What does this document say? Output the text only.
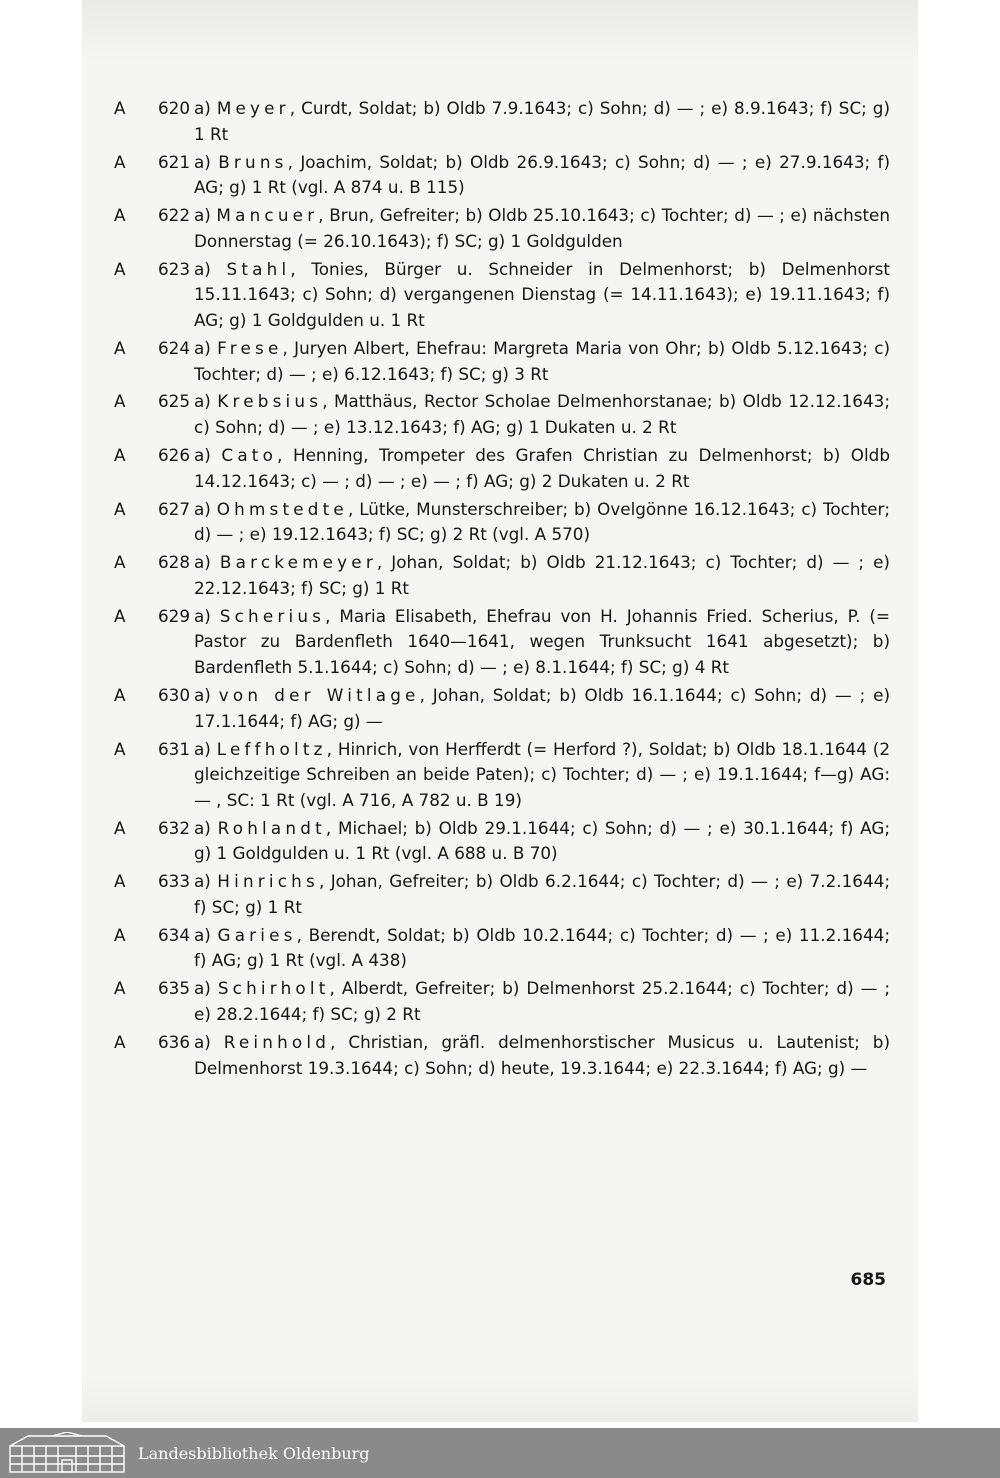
A 620 a) Meyer, Curdt, Soldat; b) Oldb 7.9.1643; c) Sohn; d) — ; e) 8.9.1643; f) SC; g) 1 Rt
A 621 a) Bruns, Joachim, Soldat; b) Oldb 26.9.1643; c) Sohn; d) — ; e) 27.9.1643; f) AG; g) 1 Rt (vgl. A 874 u. B 115)
A 622 a) Mancuer, Brun, Gefreiter; b) Oldb 25.10.1643; c) Tochter; d) — ; e) nächsten Donnerstag (= 26.10.1643); f) SC; g) 1 Goldgulden
A 623 a) Stahl, Tonies, Bürger u. Schneider in Delmenhorst; b) Delmenhorst 15.11.1643; c) Sohn; d) vergangenen Dienstag (= 14.11.1643); e) 19.11.1643; f) AG; g) 1 Goldgulden u. 1 Rt
A 624 a) Frese, Juryen Albert, Ehefrau: Margreta Maria von Ohr; b) Oldb 5.12.1643; c) Tochter; d) — ; e) 6.12.1643; f) SC; g) 3 Rt
A 625 a) Krebsius, Matthäus, Rector Scholae Delmenhorstanae; b) Oldb 12.12.1643; c) Sohn; d) — ; e) 13.12.1643; f) AG; g) 1 Dukaten u. 2 Rt
A 626 a) Cato, Henning, Trompeter des Grafen Christian zu Delmenhorst; b) Oldb 14.12.1643; c) — ; d) — ; e) — ; f) AG; g) 2 Dukaten u. 2 Rt
A 627 a) Ohmstedte, Lütke, Munsterschreiber; b) Ovelgönne 16.12.1643; c) Tochter; d) — ; e) 19.12.1643; f) SC; g) 2 Rt (vgl. A 570)
A 628 a) Barckemeyer, Johan, Soldat; b) Oldb 21.12.1643; c) Tochter; d) — ; e) 22.12.1643; f) SC; g) 1 Rt
A 629 a) Scherius, Maria Elisabeth, Ehefrau von H. Johannis Fried. Scherius, P. (= Pastor zu Bardenfleth 1640—1641, wegen Trunksucht 1641 abgesetzt); b) Bardenfleth 5.1.1644; c) Sohn; d) — ; e) 8.1.1644; f) SC; g) 4 Rt
A 630 a) von der Witlage, Johan, Soldat; b) Oldb 16.1.1644; c) Sohn; d) — ; e) 17.1.1644; f) AG; g) —
A 631 a) Leffholtz, Hinrich, von Herfferdt (= Herford ?), Soldat; b) Oldb 18.1.1644 (2 gleichzeitige Schreiben an beide Paten); c) Tochter; d) — ; e) 19.1.1644; f—g) AG: — , SC: 1 Rt (vgl. A 716, A 782 u. B 19)
A 632 a) Rohlandt, Michael; b) Oldb 29.1.1644; c) Sohn; d) — ; e) 30.1.1644; f) AG; g) 1 Goldgulden u. 1 Rt (vgl. A 688 u. B 70)
A 633 a) Hinrichs, Johan, Gefreiter; b) Oldb 6.2.1644; c) Tochter; d) — ; e) 7.2.1644; f) SC; g) 1 Rt
A 634 a) Garies, Berendt, Soldat; b) Oldb 10.2.1644; c) Tochter; d) — ; e) 11.2.1644; f) AG; g) 1 Rt (vgl. A 438)
A 635 a) Schirholt, Alberdt, Gefreiter; b) Delmenhorst 25.2.1644; c) Tochter; d) — ; e) 28.2.1644; f) SC; g) 2 Rt
A 636 a) Reinhold, Christian, gräfl. delmenhorstischer Musicus u. Lautenist; b) Delmenhorst 19.3.1644; c) Sohn; d) heute, 19.3.1644; e) 22.3.1644; f) AG; g) —
685
Landesbibliothek Oldenburg
